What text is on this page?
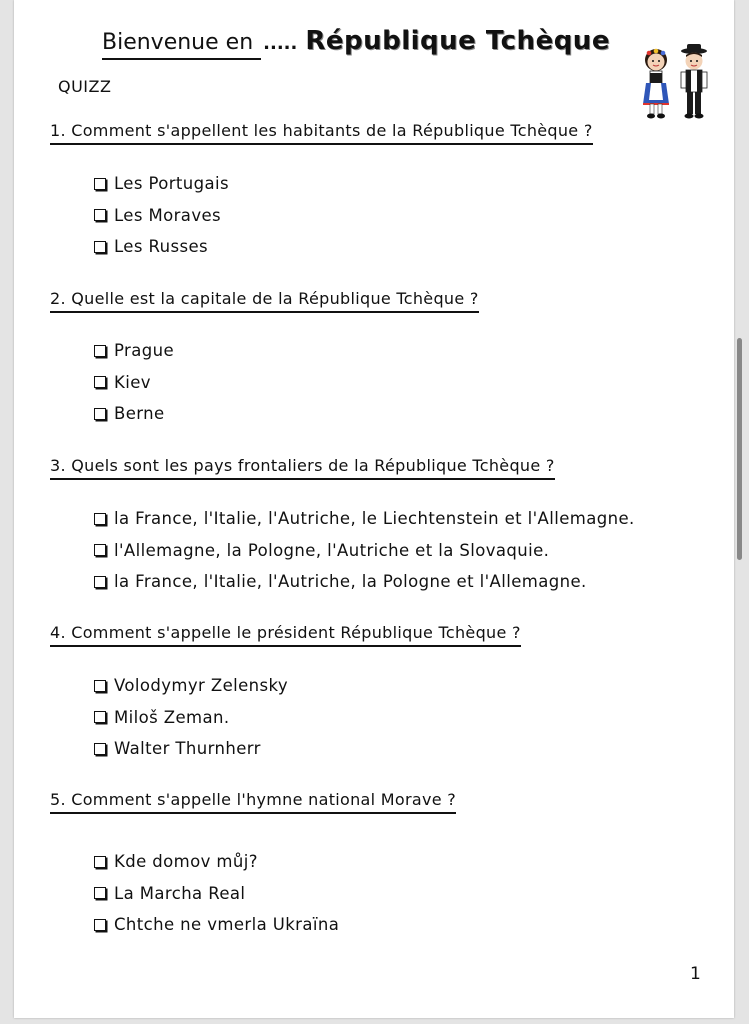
Bienvenue en ..... République Tchèque
QUIZZ
1. Comment s'appellent les habitants de la République Tchèque ?
Les Portugais
Les Moraves
Les Russes
2. Quelle est la capitale de la République Tchèque ?
Prague
Kiev
Berne
3. Quels sont les pays frontaliers de la République Tchèque ?
la France, l'Italie, l'Autriche, le Liechtenstein et l'Allemagne.
l'Allemagne, la Pologne, l'Autriche et la Slovaquie.
la France, l'Italie, l'Autriche, la Pologne et l'Allemagne.
4. Comment s'appelle le président République Tchèque ?
Volodymyr Zelensky
Miloš Zeman.
Walter Thurnherr
5. Comment s'appelle l'hymne national Morave ?
Kde domov můj?
La Marcha Real
Chtche ne vmerla Ukraïna
1
